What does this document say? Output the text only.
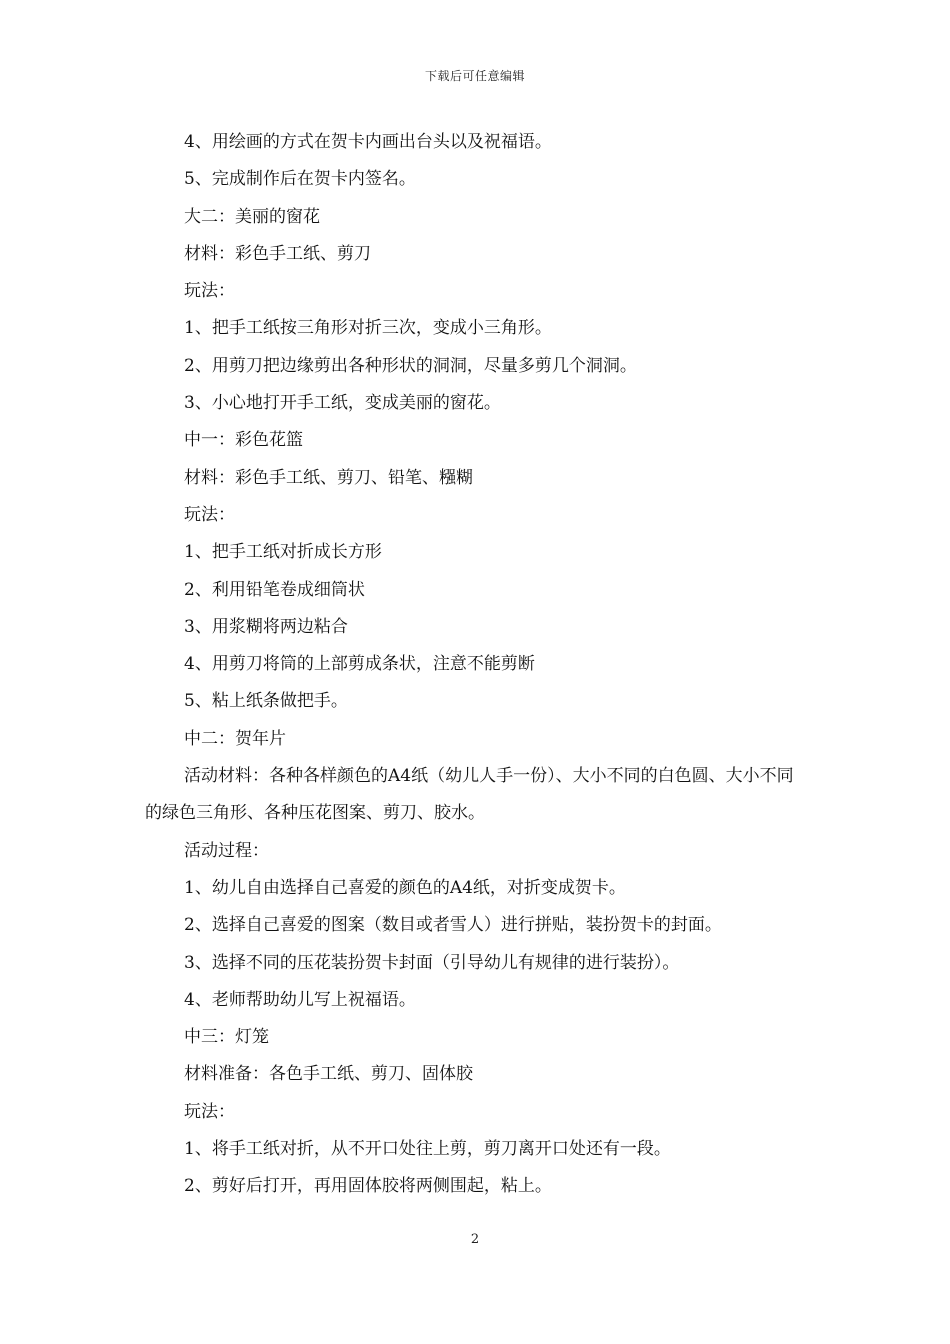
下载后可任意编辑

4、用绘画的方式在贺卡内画出台头以及祝福语。

5、完成制作后在贺卡内签名。

大二：美丽的窗花

材料：彩色手工纸、剪刀

玩法：

1、把手工纸按三角形对折三次，变成小三角形。

2、用剪刀把边缘剪出各种形状的洞洞，尽量多剪几个洞洞。

3、小心地打开手工纸，变成美丽的窗花。

中一：彩色花篮

材料：彩色手工纸、剪刀、铅笔、糨糊

玩法：

1、把手工纸对折成长方形

2、利用铅笔卷成细筒状

3、用浆糊将两边粘合

4、用剪刀将筒的上部剪成条状，注意不能剪断

5、粘上纸条做把手。

中二：贺年片

活动材料：各种各样颜色的A4纸（幼儿人手一份）、大小不同的白色圆、大小不同的绿色三角形、各种压花图案、剪刀、胶水。

活动过程：

1、幼儿自由选择自己喜爱的颜色的A4纸，对折变成贺卡。

2、选择自己喜爱的图案（数目或者雪人）进行拼贴，装扮贺卡的封面。

3、选择不同的压花装扮贺卡封面（引导幼儿有规律的进行装扮）。

4、老师帮助幼儿写上祝福语。

中三：灯笼

材料准备：各色手工纸、剪刀、固体胶

玩法：

1、将手工纸对折，从不开口处往上剪，剪刀离开口处还有一段。

2、剪好后打开，再用固体胶将两侧围起，粘上。

2
